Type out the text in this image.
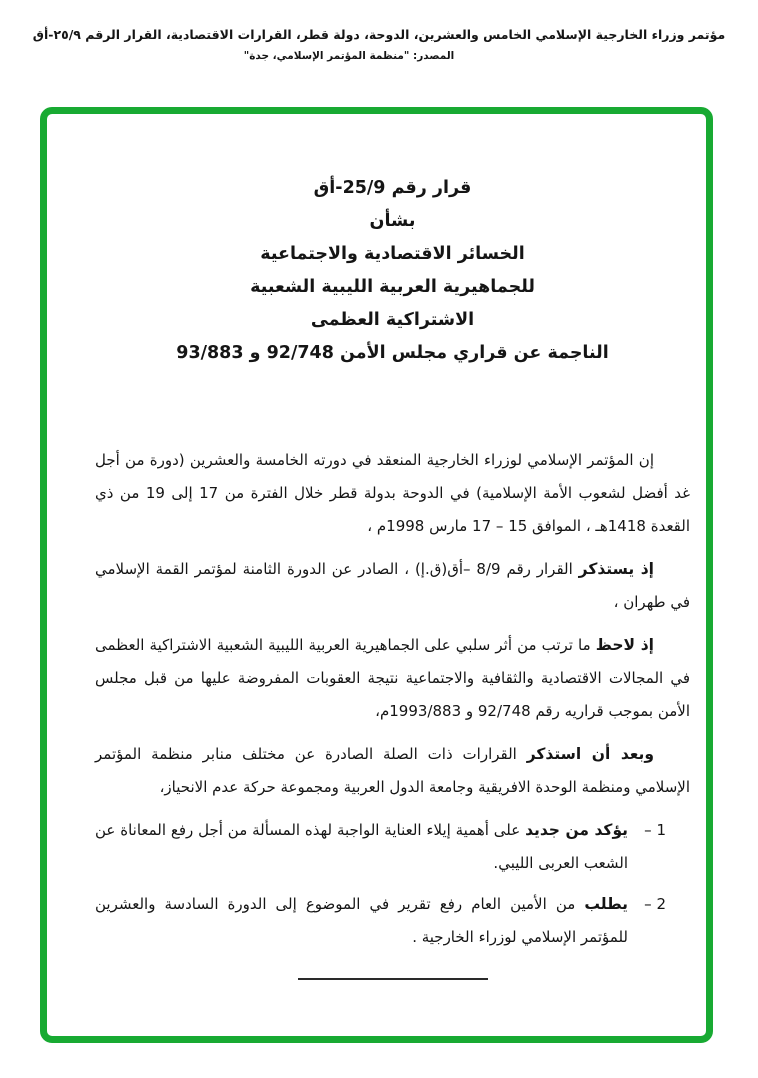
مؤتمر وزراء الخارجية الإسلامي الخامس والعشرين، الدوحة، دولة قطر، القرارات الاقتصادية، القرار الرقم ٢٥/٩-أق
المصدر: "منظمة المؤتمر الإسلامي، جدة"
قرار رقم 25/9-أق
بشأن
الخسائر الاقتصادية والاجتماعية
للجماهيرية العربية الليبية الشعبية
الاشتراكية العظمى
الناجمة عن قراري مجلس الأمن 92/748 و 93/883

إن المؤتمر الإسلامي لوزراء الخارجية المنعقد في دورته الخامسة والعشرين (دورة من أجل غد أفضل لشعوب الأمة الإسلامية) في الدوحة بدولة قطر خلال الفترة من 17 إلى 19 من ذي القعدة 1418هـ ، الموافق 15 – 17 مارس 1998م ،

إذ يستذكر القرار رقم 8/9 –أق(ق.إ) ، الصادر عن الدورة الثامنة لمؤتمر القمة الإسلامي في طهران ،

إذ لاحظ ما ترتب من أثر سلبي على الجماهيرية العربية الليبية الشعبية الاشتراكية العظمى في المجالات الاقتصادية والثقافية والاجتماعية نتيجة العقوبات المفروضة عليها من قبل مجلس الأمن بموجب قراريه رقم 92/748 و 1993/883م،

وبعد أن استذكر القرارات ذات الصلة الصادرة عن مختلف منابر منظمة المؤتمر الإسلامي ومنظمة الوحدة الافريقية وجامعة الدول العربية ومجموعة حركة عدم الانحياز،

1 –
يؤكد من جديد على أهمية إيلاء العناية الواجبة لهذه المسألة من أجل رفع المعاناة عن الشعب العربى الليبي.
2 –
يطلب من الأمين العام رفع تقرير في الموضوع إلى الدورة السادسة والعشرين للمؤتمر الإسلامي لوزراء الخارجية .
